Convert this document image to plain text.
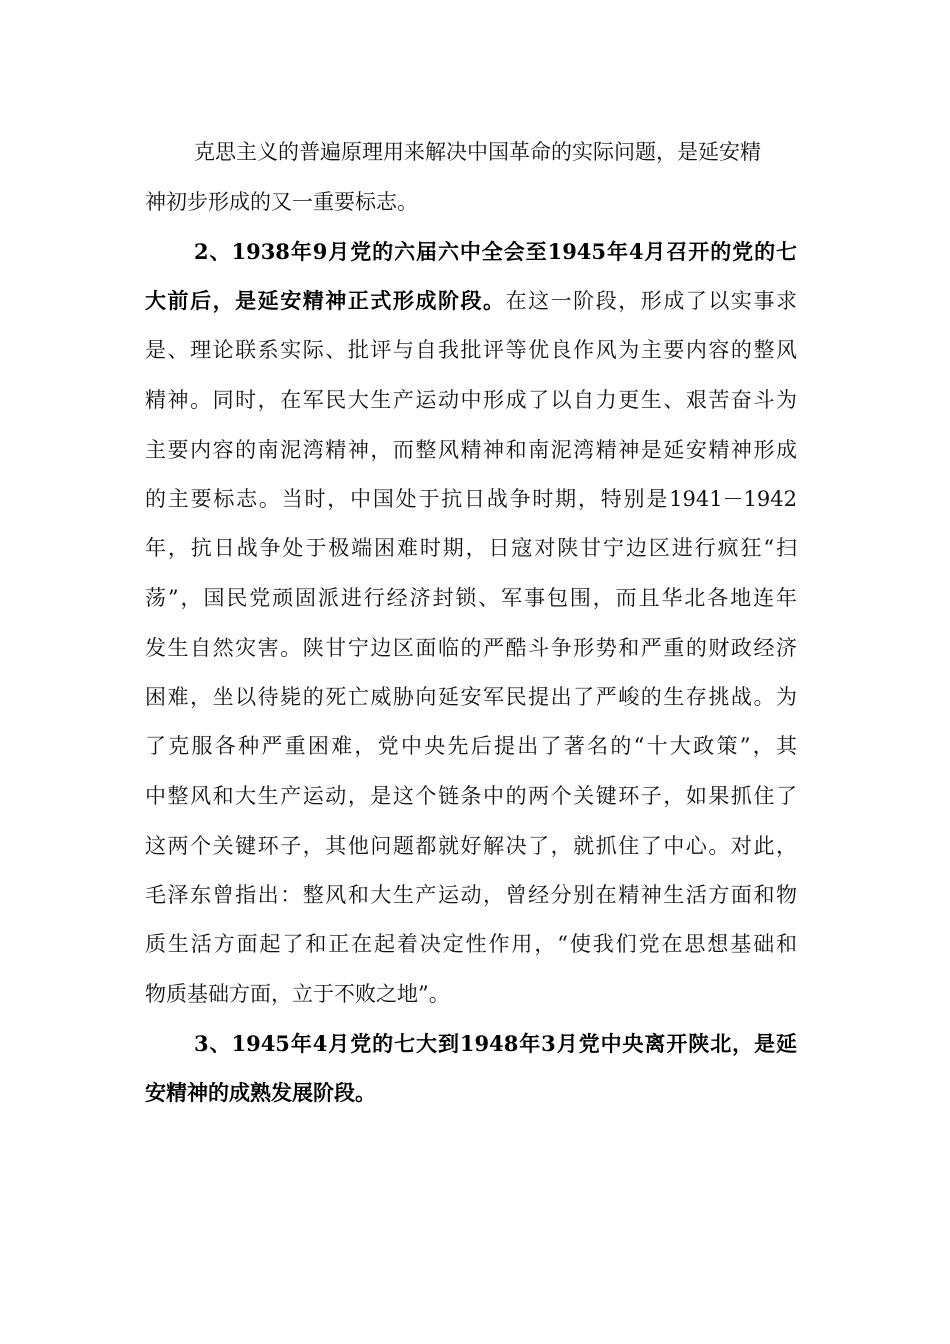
克思主义的普遍原理用来解决中国革命的实际问题，是延安精
神初步形成的又一重要标志。
2、1938年9月党的六届六中全会至1945年4月召开的党的七
大前后，是延安精神正式形成阶段。在这一阶段，形成了以实事求
是、理论联系实际、批评与自我批评等优良作风为主要内容的整风
精神。同时，在军民大生产运动中形成了以自力更生、艰苦奋斗为
主要内容的南泥湾精神，而整风精神和南泥湾精神是延安精神形成
的主要标志。当时，中国处于抗日战争时期，特别是1941－1942
年，抗日战争处于极端困难时期，日寇对陕甘宁边区进行疯狂“扫
荡”，国民党顽固派进行经济封锁、军事包围，而且华北各地连年
发生自然灾害。陕甘宁边区面临的严酷斗争形势和严重的财政经济
困难，坐以待毙的死亡威胁向延安军民提出了严峻的生存挑战。为
了克服各种严重困难，党中央先后提出了著名的“十大政策”，其
中整风和大生产运动，是这个链条中的两个关键环子，如果抓住了
这两个关键环子，其他问题都就好解决了，就抓住了中心。对此，
毛泽东曾指出：整风和大生产运动，曾经分别在精神生活方面和物
质生活方面起了和正在起着决定性作用，“使我们党在思想基础和
物质基础方面，立于不败之地”。
3、1945年4月党的七大到1948年3月党中央离开陕北，是延
安精神的成熟发展阶段。
